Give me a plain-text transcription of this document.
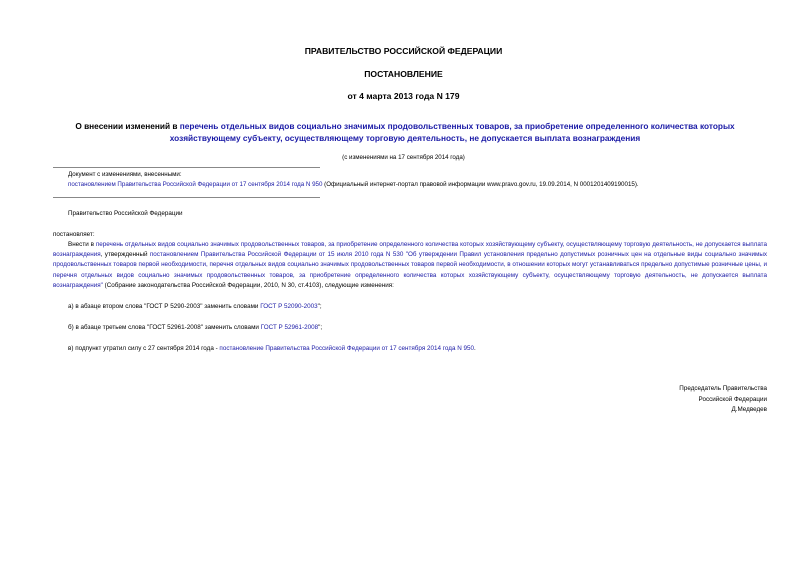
ПРАВИТЕЛЬСТВО РОССИЙСКОЙ ФЕДЕРАЦИИ
ПОСТАНОВЛЕНИЕ
от 4 марта 2013 года N 179
О внесении изменений в перечень отдельных видов социально значимых продовольственных товаров, за приобретение определенного количества которых хозяйствующему субъекту, осуществляющему торговую деятельность, не допускается выплата вознаграждения
(с изменениями на 17 сентября 2014 года)
Документ с изменениями, внесенными:
постановлением Правительства Российской Федерации от 17 сентября 2014 года N 950 (Официальный интернет-портал правовой информации www.pravo.gov.ru, 19.09.2014, N 0001201409190015).
Правительство Российской Федерации
постановляет:
Внести в перечень отдельных видов социально значимых продовольственных товаров, за приобретение определенного количества которых хозяйствующему субъекту, осуществляющему торговую деятельность, не допускается выплата вознаграждения, утвержденный постановлением Правительства Российской Федерации от 15 июля 2010 года N 530 "Об утверждении Правил установления предельно допустимых розничных цен на отдельные виды социально значимых продовольственных товаров первой необходимости, перечня отдельных видов социально значимых продовольственных товаров первой необходимости, в отношении которых могут устанавливаться предельно допустимые розничные цены, и перечня отдельных видов социально значимых продовольственных товаров, за приобретение определенного количества которых хозяйствующему субъекту, осуществляющему торговую деятельность, не допускается выплата вознаграждения" (Собрание законодательства Российской Федерации, 2010, N 30, ст.4103), следующие изменения:
а) в абзаце втором слова "ГОСТ Р 5290-2003" заменить словами ГОСТ Р 52090-2003";
б) в абзаце третьем слова "ГОСТ 52961-2008" заменить словами ГОСТ Р 52961-2008";
в) подпункт утратил силу с 27 сентября 2014 года - постановление Правительства Российской Федерации от 17 сентября 2014 года N 950.
Председатель Правительства
Российской Федерации
Д.Медведев
